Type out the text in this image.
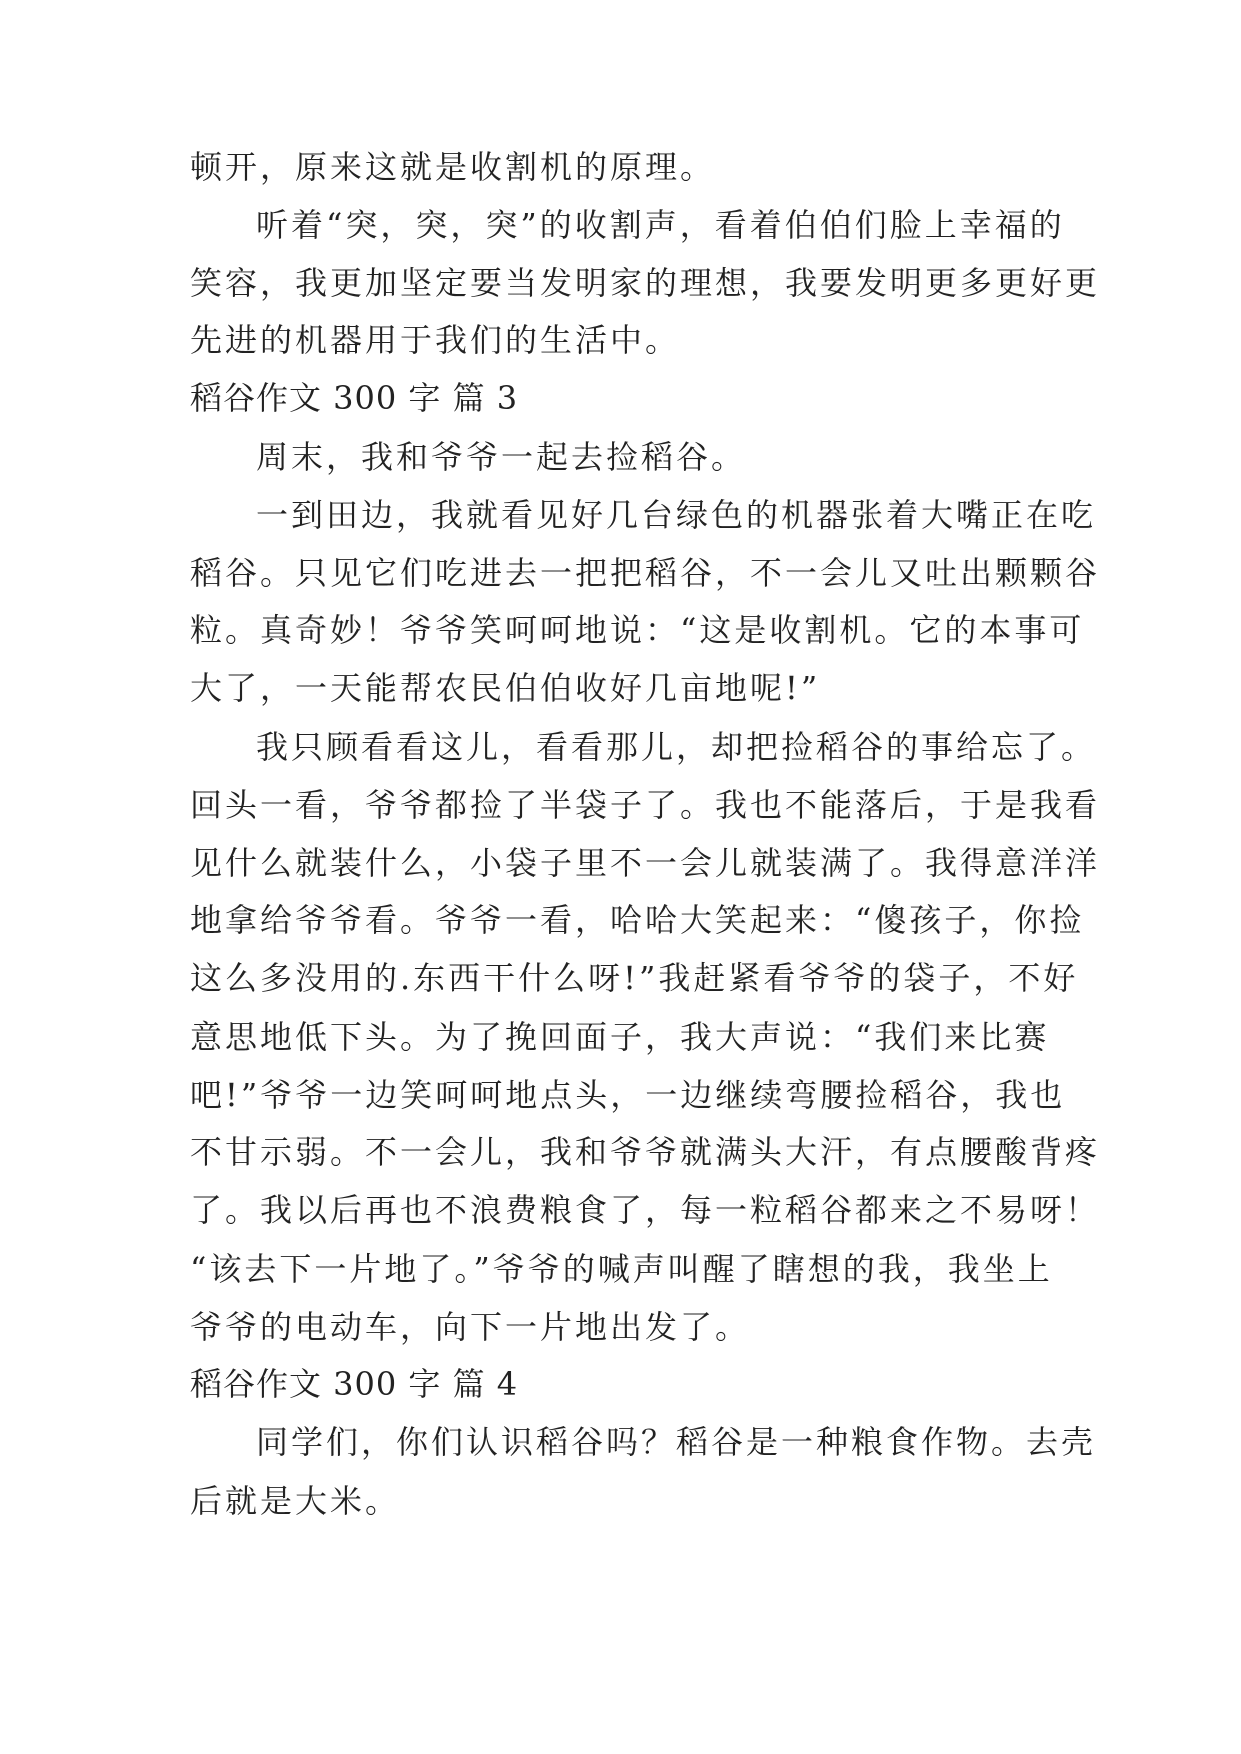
顿开，原来这就是收割机的原理。
听着“突，突，突”的收割声，看着伯伯们脸上幸福的
笑容，我更加坚定要当发明家的理想，我要发明更多更好更
先进的机器用于我们的生活中。
稻谷作文 300 字 篇 3
周末，我和爷爷一起去捡稻谷。
一到田边，我就看见好几台绿色的机器张着大嘴正在吃
稻谷。只见它们吃进去一把把稻谷，不一会儿又吐出颗颗谷
粒。真奇妙！爷爷笑呵呵地说：“这是收割机。它的本事可
大了，一天能帮农民伯伯收好几亩地呢!”
我只顾看看这儿，看看那儿，却把捡稻谷的事给忘了。
回头一看，爷爷都捡了半袋子了。我也不能落后，于是我看
见什么就装什么，小袋子里不一会儿就装满了。我得意洋洋
地拿给爷爷看。爷爷一看，哈哈大笑起来：“傻孩子，你捡
这么多没用的.东西干什么呀!”我赶紧看爷爷的袋子，不好
意思地低下头。为了挽回面子，我大声说：“我们来比赛
吧!”爷爷一边笑呵呵地点头，一边继续弯腰捡稻谷，我也
不甘示弱。不一会儿，我和爷爷就满头大汗，有点腰酸背疼
了。我以后再也不浪费粮食了，每一粒稻谷都来之不易呀！
“该去下一片地了。”爷爷的喊声叫醒了瞎想的我，我坐上
爷爷的电动车，向下一片地出发了。
稻谷作文 300 字 篇 4
同学们，你们认识稻谷吗？稻谷是一种粮食作物。去壳
后就是大米。
